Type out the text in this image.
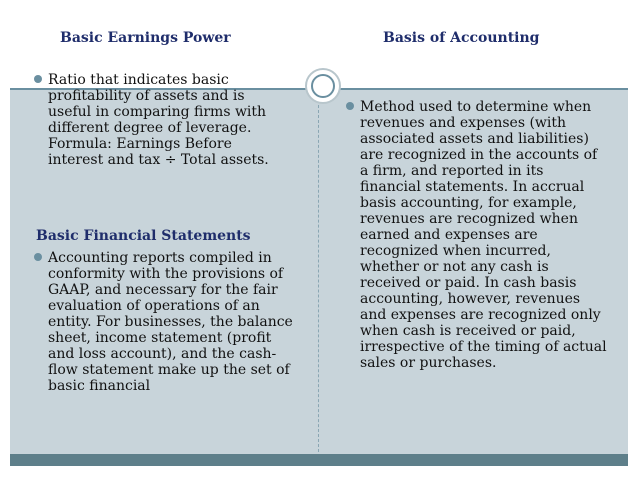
Basic Earnings Power	Basis of Accounting
Ratio that indicates basic profitability of assets and is useful in comparing firms with different degree of leverage. Formula: Earnings Before interest and tax ÷ Total assets.
Basic Financial Statements
Accounting reports compiled in conformity with the provisions of GAAP, and necessary for the fair evaluation of operations of an entity. For businesses, the balance sheet, income statement (profit and loss account), and the cash-flow statement make up the set of basic financial
Method used to determine when revenues and expenses (with associated assets and liabilities) are recognized in the accounts of a firm, and reported in its financial statements. In accrual basis accounting, for example, revenues are recognized when earned and expenses are recognized when incurred, whether or not any cash is received or paid. In cash basis accounting, however, revenues and expenses are recognized only when cash is received or paid, irrespective of the timing of actual sales or purchases.
